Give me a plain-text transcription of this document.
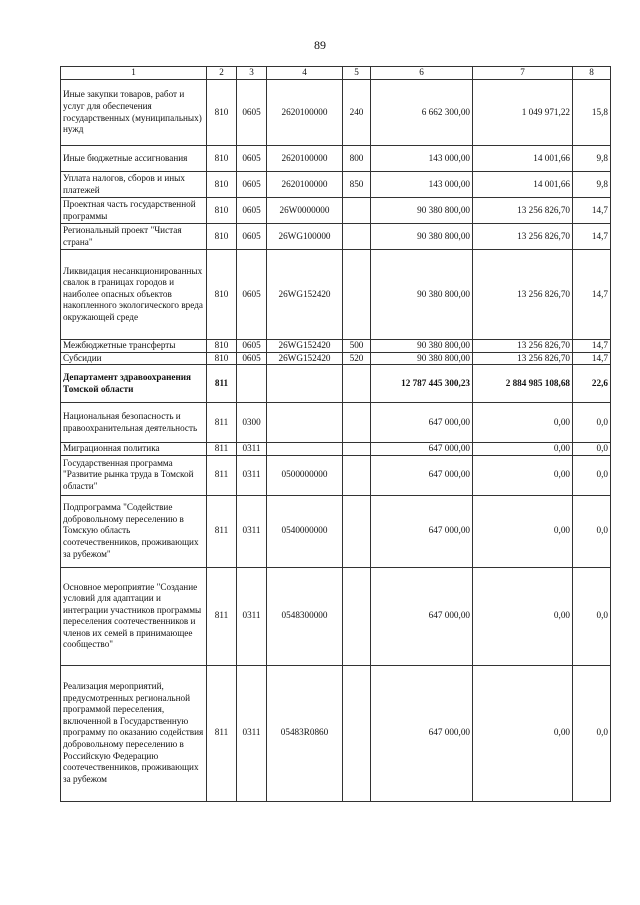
89
1	2	3	4	5	6	7	8
Иные закупки товаров, работ и услуг для обеспечения государственных (муниципальных) нужд	810	0605	2620100000	240	6 662 300,00	1 049 971,22	15,8
Иные бюджетные ассигнования	810	0605	2620100000	800	143 000,00	14 001,66	9,8
Уплата налогов, сборов и иных платежей	810	0605	2620100000	850	143 000,00	14 001,66	9,8
Проектная часть государственной программы	810	0605	26W0000000		90 380 800,00	13 256 826,70	14,7
Региональный проект "Чистая страна"	810	0605	26WG100000		90 380 800,00	13 256 826,70	14,7
Ликвидация несанкционированных свалок в границах городов и наиболее опасных объектов накопленного экологического вреда окружающей среде	810	0605	26WG152420		90 380 800,00	13 256 826,70	14,7
Межбюджетные трансферты	810	0605	26WG152420	500	90 380 800,00	13 256 826,70	14,7
Субсидии	810	0605	26WG152420	520	90 380 800,00	13 256 826,70	14,7
Департамент здравоохранения Томской области	811				12 787 445 300,23	2 884 985 108,68	22,6
Национальная безопасность и правоохранительная деятельность	811	0300			647 000,00	0,00	0,0
Миграционная политика	811	0311			647 000,00	0,00	0,0
Государственная программа "Развитие рынка труда в Томской области"	811	0311	0500000000		647 000,00	0,00	0,0
Подпрограмма "Содействие добровольному переселению в Томскую область соотечественников, проживающих за рубежом"	811	0311	0540000000		647 000,00	0,00	0,0
Основное мероприятие "Создание условий для адаптации и интеграции участников программы переселения соотечественников и членов их семей в принимающее сообщество"	811	0311	0548300000		647 000,00	0,00	0,0
Реализация мероприятий, предусмотренных региональной программой переселения, включенной в Государственную программу по оказанию содействия добровольному переселению в Российскую Федерацию соотечественников, проживающих за рубежом	811	0311	05483R0860		647 000,00	0,00	0,0
